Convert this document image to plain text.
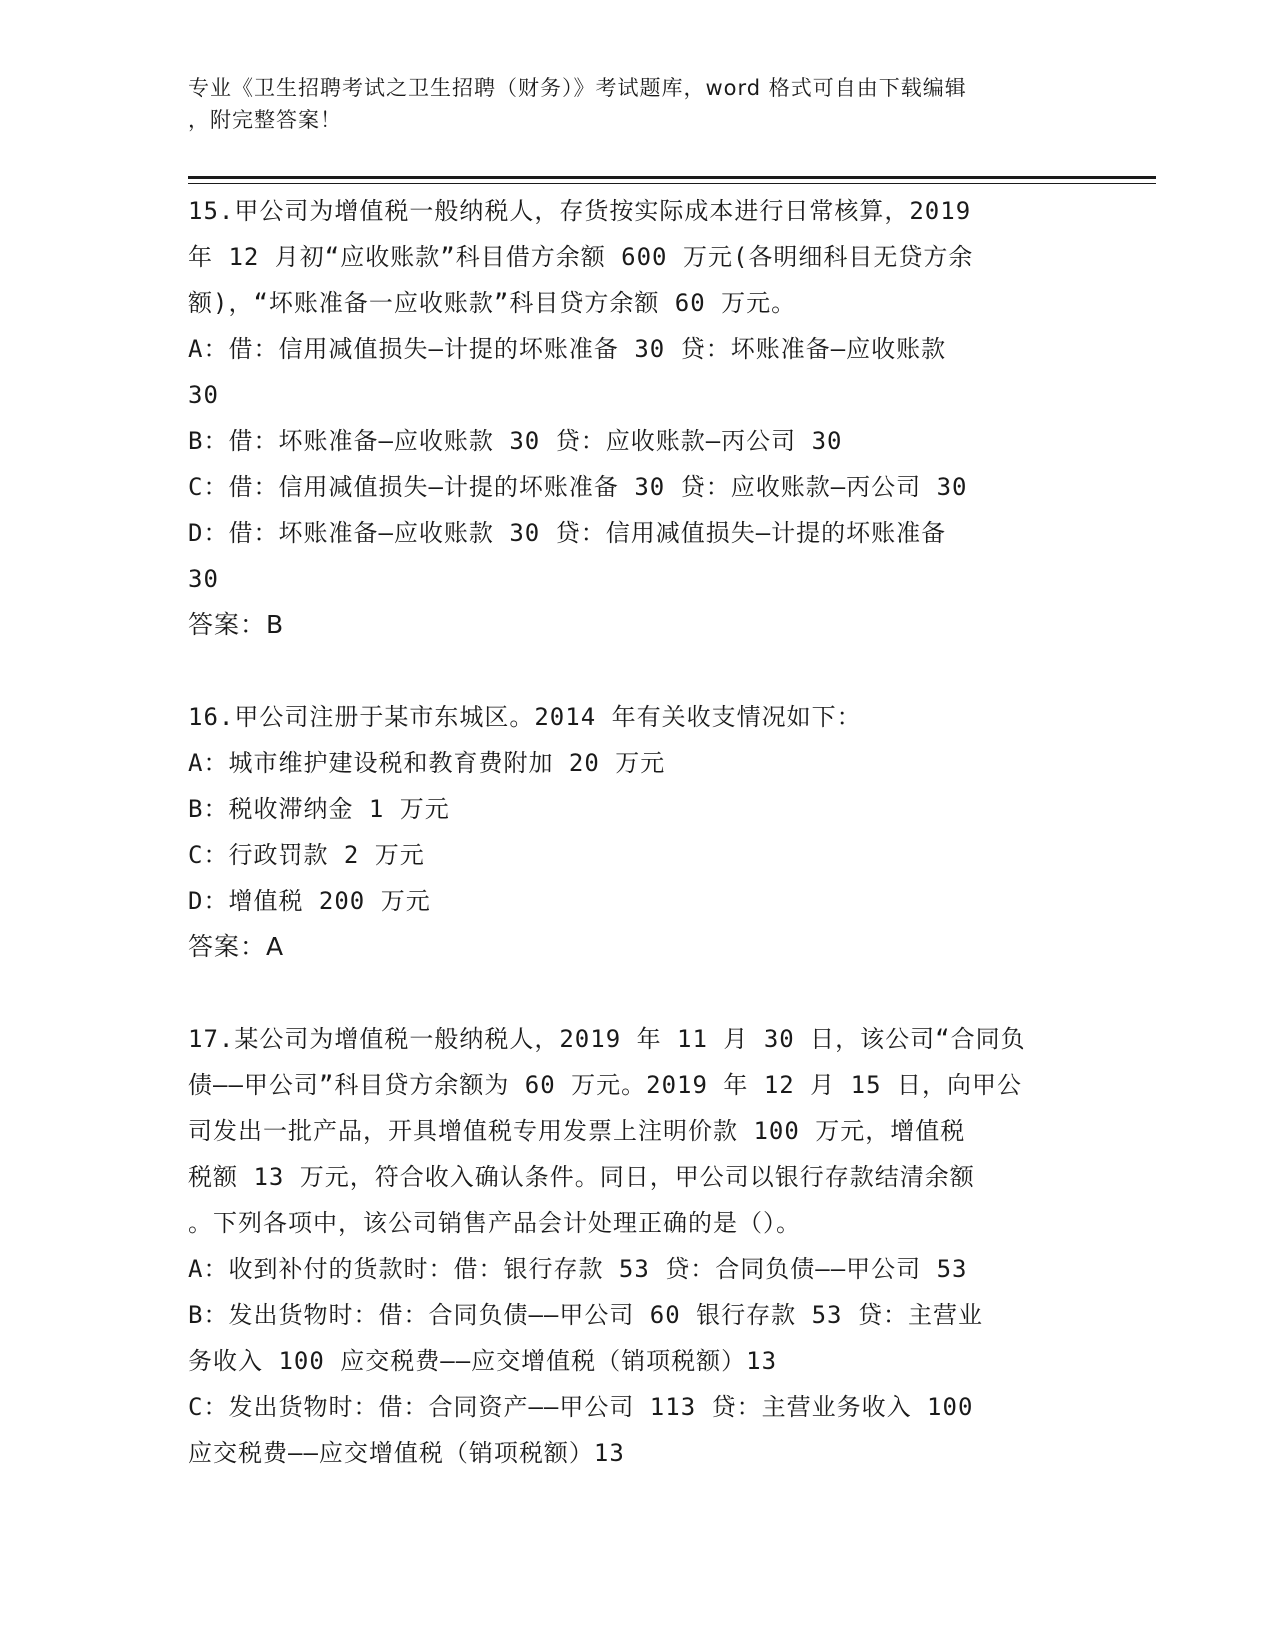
专业《卫生招聘考试之卫生招聘（财务）》考试题库，word 格式可自由下载编辑
，附完整答案！

15.甲公司为增值税一般纳税人，存货按实际成本进行日常核算，2019

年 12 月初“应收账款”科目借方余额 600 万元(各明细科目无贷方余

额)，“坏账准备一应收账款”科目贷方余额 60 万元。

A：借：信用减值损失—计提的坏账准备 30 贷：坏账准备—应收账款

30

B：借：坏账准备—应收账款 30 贷：应收账款—丙公司 30

C：借：信用减值损失—计提的坏账准备 30 贷：应收账款—丙公司 30

D：借：坏账准备—应收账款 30 贷：信用减值损失—计提的坏账准备

30

答案：B

16.甲公司注册于某市东城区。2014 年有关收支情况如下：

A：城市维护建设税和教育费附加 20 万元

B：税收滞纳金 1 万元

C：行政罚款 2 万元

D：增值税 200 万元

答案：A

17.某公司为增值税一般纳税人，2019 年 11 月 30 日，该公司“合同负

债——甲公司”科目贷方余额为 60 万元。2019 年 12 月 15 日，向甲公

司发出一批产品，开具增值税专用发票上注明价款 100 万元，增值税

税额 13 万元，符合收入确认条件。同日，甲公司以银行存款结清余额

。下列各项中，该公司销售产品会计处理正确的是（）。

A：收到补付的货款时：借：银行存款 53 贷：合同负债——甲公司 53

B：发出货物时：借：合同负债——甲公司 60 银行存款 53 贷：主营业

务收入 100 应交税费——应交增值税（销项税额）13

C：发出货物时：借：合同资产——甲公司 113 贷：主营业务收入 100

应交税费——应交增值税（销项税额）13
